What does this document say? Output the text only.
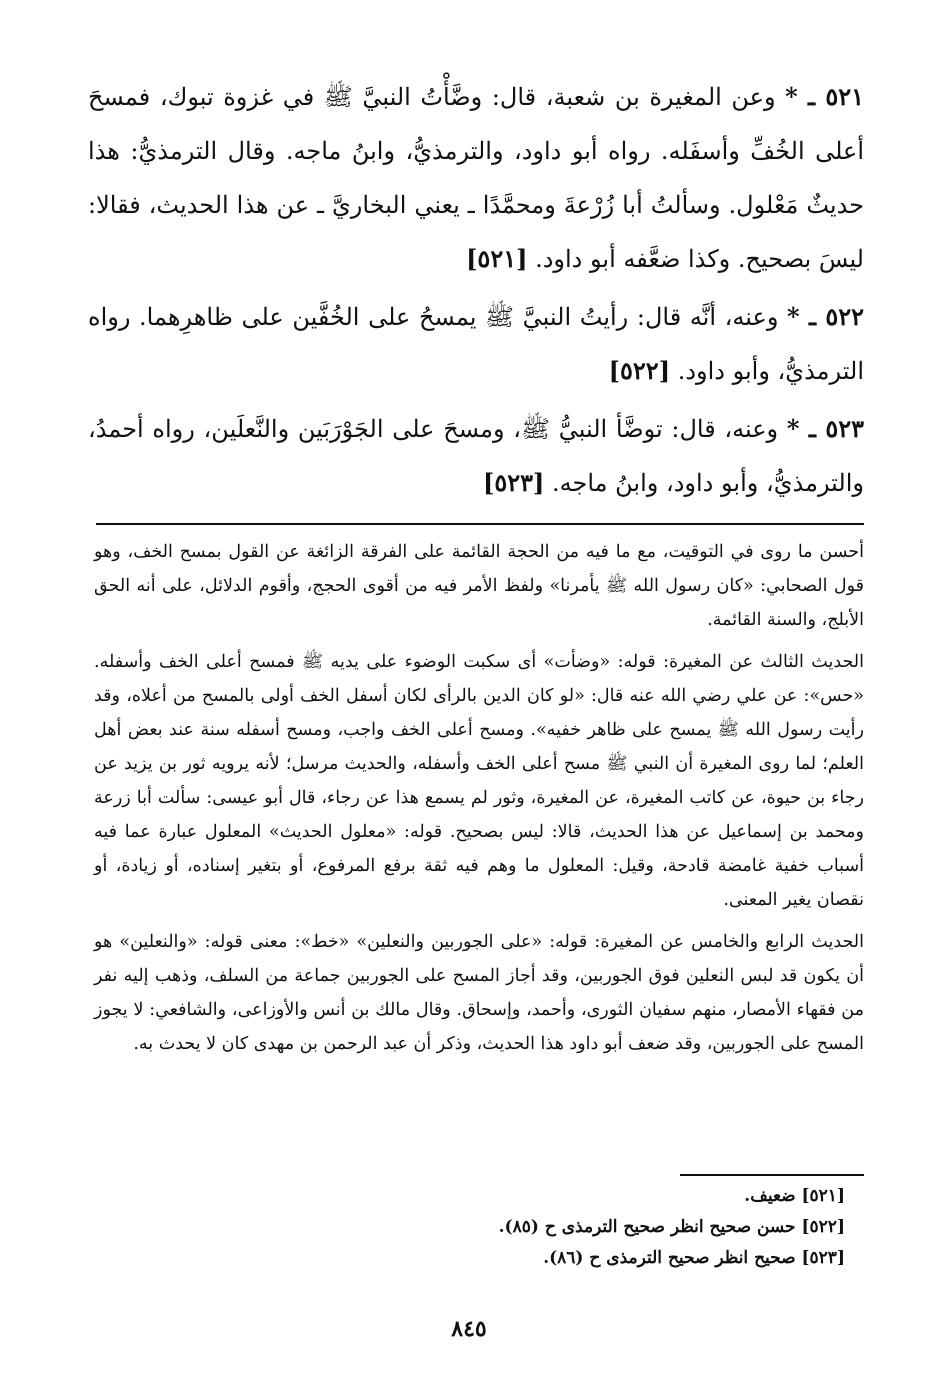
٥٢١ ـ * وعن المغيرة بن شعبة، قال: وضَّأْتُ النبيَّ ﷺ في غزوة تبوك، فمسحَ أعلى الخُفِّ وأسفَله. رواه أبو داود، والترمذيُّ، وابنُ ماجه. وقال الترمذيُّ: هذا حديثٌ مَعْلول. وسألتُ أبا زُرْعةَ ومحمَّدًا ـ يعني البخاريَّ ـ عن هذا الحديث، فقالا: ليسَ بصحيح. وكذا ضعَّفه أبو داود. [٥٢١]

٥٢٢ ـ * وعنه، أنَّه قال: رأيتُ النبيَّ ﷺ يمسحُ على الخُفَّين على ظاهرِهما. رواه الترمذيُّ، وأبو داود. [٥٢٢]

٥٢٣ ـ * وعنه، قال: توضَّأ النبيُّ ﷺ، ومسحَ على الجَوْرَبَين والنَّعلَين، رواه أحمدُ، والترمذيُّ، وأبو داود، وابنُ ماجه. [٥٢٣]

أحسن ما روى في التوقيت، مع ما فيه من الحجة القائمة على الفرقة الزائغة عن القول بمسح الخف، وهو قول الصحابي: «كان رسول الله ﷺ يأمرنا» ولفظ الأمر فيه من أقوى الحجج، وأقوم الدلائل، على أنه الحق الأبلج، والسنة القائمة.

الحديث الثالث عن المغيرة: قوله: «وضأت» أى سكبت الوضوء على يديه ﷺ فمسح أعلى الخف وأسفله. «حس»: عن علي رضي الله عنه قال: «لو كان الدين بالرأى لكان أسفل الخف أولى بالمسح من أعلاه، وقد رأيت رسول الله ﷺ يمسح على ظاهر خفيه». ومسح أعلى الخف واجب، ومسح أسفله سنة عند بعض أهل العلم؛ لما روى المغيرة أن النبي ﷺ مسح أعلى الخف وأسفله، والحديث مرسل؛ لأنه يرويه ثور بن يزيد عن رجاء بن حيوة، عن كاتب المغيرة، عن المغيرة، وثور لم يسمع هذا عن رجاء، قال أبو عيسى: سألت أبا زرعة ومحمد بن إسماعيل عن هذا الحديث، قالا: ليس بصحيح. قوله: «معلول الحديث» المعلول عبارة عما فيه أسباب خفية غامضة قادحة، وقيل: المعلول ما وهم فيه ثقة برفع المرفوع، أو بتغير إسناده، أو زيادة، أو نقصان يغير المعنى.

الحديث الرابع والخامس عن المغيرة: قوله: «على الجوربين والنعلين» «خط»: معنى قوله: «والنعلين» هو أن يكون قد لبس النعلين فوق الجوربين، وقد أجاز المسح على الجوربين جماعة من السلف، وذهب إليه نفر من فقهاء الأمصار، منهم سفيان الثورى، وأحمد، وإسحاق. وقال مالك بن أنس والأوزاعى، والشافعي: لا يجوز المسح على الجوربين، وقد ضعف أبو داود هذا الحديث، وذكر أن عبد الرحمن بن مهدى كان لا يحدث به.

[٥٢١] ضعيف.
[٥٢٢] حسن صحيح انظر صحيح الترمذى ح (٨٥).
[٥٢٣] صحيح انظر صحيح الترمذى ح (٨٦).
٨٤٥
